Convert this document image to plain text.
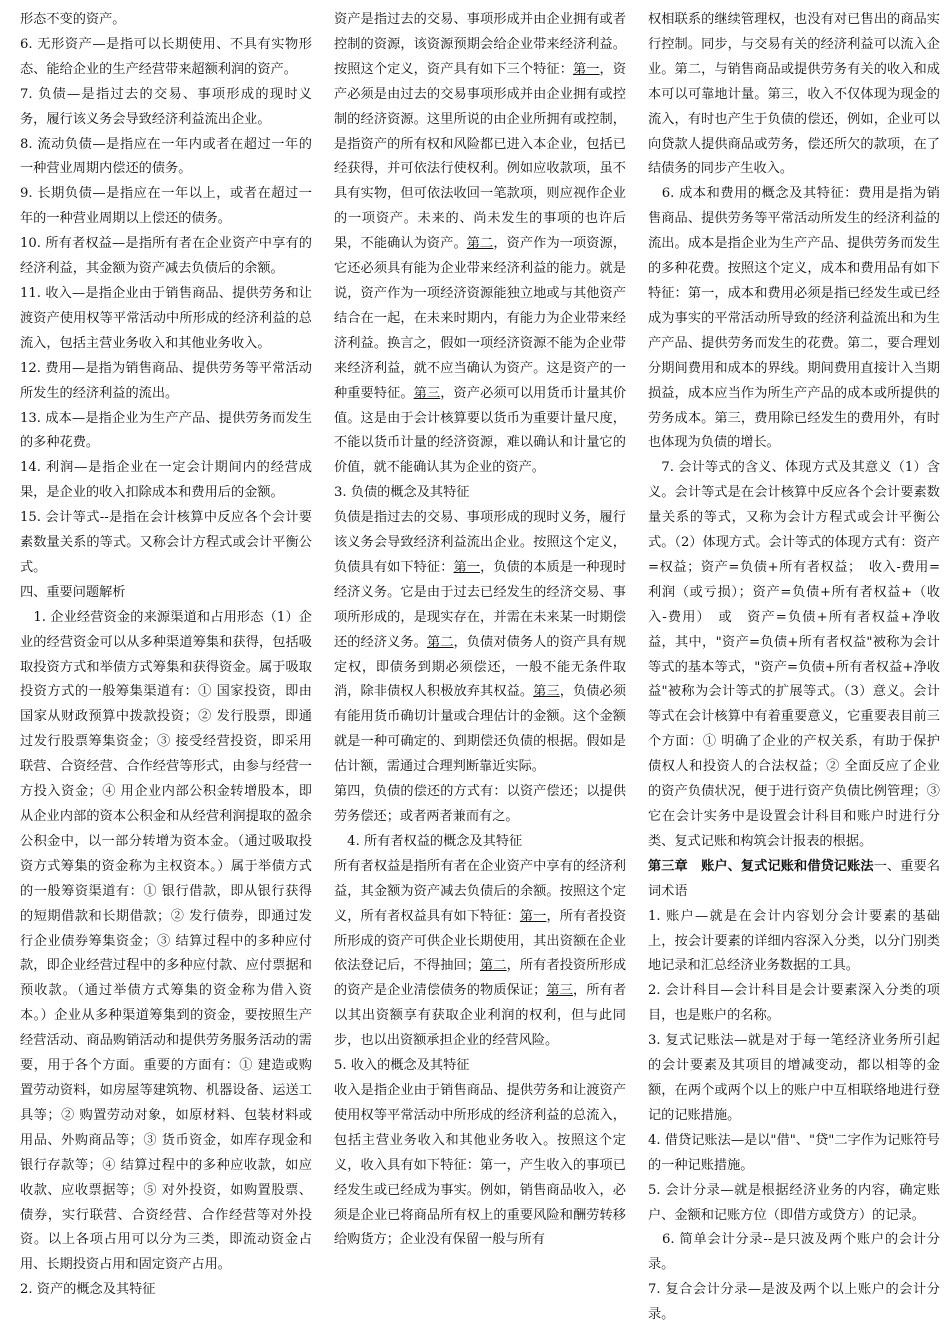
形态不变的资产。
6. 无形资产—是指可以长期使用、不具有实物形态、能给企业的生产经营带来超额利润的资产。
7. 负债—是指过去的交易、事项形成的现时义务，履行该义务会导致经济利益流出企业。
8. 流动负债—是指应在一年内或者在超过一年的一种营业周期内偿还的债务。
9. 长期负债—是指应在一年以上，或者在超过一年的一种营业周期以上偿还的债务。
10. 所有者权益—是指所有者在企业资产中享有的经济利益，其金额为资产减去负债后的余额。
11. 收入—是指企业由于销售商品、提供劳务和让渡资产使用权等平常活动中所形成的经济利益的总流入，包括主营业务收入和其他业务收入。
12. 费用—是指为销售商品、提供劳务等平常活动所发生的经济利益的流出。
13. 成本—是指企业为生产产品、提供劳务而发生的多种花费。
14. 利润—是指企业在一定会计期间内的经营成果，是企业的收入扣除成本和费用后的金额。
15. 会计等式--是指在会计核算中反应各个会计要素数量关系的等式。又称会计方程式或会计平衡公式。
四、重要问题解析
　1. 企业经营资金的来源渠道和占用形态（1）企业的经营资金可以从多种渠道筹集和获得，包括吸取投资方式和举债方式筹集和获得资金。属于吸取投资方式的一般筹集渠道有：① 国家投资，即由国家从财政预算中拨款投资；② 发行股票，即通过发行股票筹集资金；③ 接受经营投资，即采用联营、合资经营、合作经营等形式，由参与经营一方投入资金；④ 用企业内部公积金转增股本，即从企业内部的资本公积金和从经营利润提取的盈余公积金中，以一部分转增为资本金。（通过吸取投资方式筹集的资金称为主权资本。）属于举债方式的一般筹资渠道有：① 银行借款，即从银行获得的短期借款和长期借款；② 发行债券，即通过发行企业债券筹集资金；③ 结算过程中的多种应付款，即企业经营过程中的多种应付款、应付票据和预收款。（通过举债方式筹集的资金称为借入资本。）企业从多种渠道筹集到的资金，要按照生产经营活动、商品购销活动和提供劳务服务活动的需要，用于各个方面。重要的方面有：① 建造或购置劳动资料，如房屋等建筑物、机器设备、运送工具等；② 购置劳动对象，如原材料、包装材料或用品、外购商品等；③ 货币资金，如库存现金和银行存款等；④ 结算过程中的多种应收款，如应收款、应收票据等；⑤ 对外投资，如购置股票、债券，实行联营、合资经营、合作经营等对外投资。以上各项占用可以分为三类，即流动资金占用、长期投资占用和固定资产占用。
2. 资产的概念及其特征
资产是指过去的交易、事项形成并由企业拥有或者控制的资源，该资源预期会给企业带来经济利益。按照这个定义，资产具有如下三个特征：第一，资产必须是由过去的交易事项形成并由企业拥有或控制的经济资源。这里所说的由企业所拥有或控制，是指资产的所有权和风险都已进入本企业，包括已经获得，并可依法行使权利。例如应收款项，虽不具有实物，但可依法收回一笔款项，则应视作企业的一项资产。未来的、尚未发生的事项的也许后果，不能确认为资产。第二，资产作为一项资源，它还必须具有能为企业带来经济利益的能力。就是说，资产作为一项经济资源能独立地或与其他资产结合在一起，在未来时期内，有能力为企业带来经济利益。换言之，假如一项经济资源不能为企业带来经济利益，就不应当确认为资产。这是资产的一种重要特征。第三，资产必须可以用货币计量其价值。这是由于会计核算要以货币为重要计量尺度，不能以货币计量的经济资源，难以确认和计量它的价值，就不能确认其为企业的资产。
3. 负债的概念及其特征
负债是指过去的交易、事项形成的现时义务，履行该义务会导致经济利益流出企业。按照这个定义，负债具有如下特征：第一，负债的本质是一种现时经济义务。它是由于过去已经发生的经济交易、事项所形成的，是现实存在，并需在未来某一时期偿还的经济义务。第二，负债对债务人的资产具有规定权，即债务到期必须偿还，一般不能无条件取消，除非债权人积极放弃其权益。第三，负债必须有能用货币确切计量或合理估计的金额。这个金额就是一种可确定的、到期偿还负债的根据。假如是估计额，需通过合理判断靠近实际。
第四，负债的偿还的方式有：以资产偿还；以提供劳务偿还；或者两者兼而有之。
　4. 所有者权益的概念及其特征
所有者权益是指所有者在企业资产中享有的经济利益，其金额为资产减去负债后的余额。按照这个定义，所有者权益具有如下特征：第一，所有者投资所形成的资产可供企业长期使用，其出资额在企业依法登记后，不得抽回；第二，所有者投资所形成的资产是企业清偿债务的物质保证；第三，所有者以其出资额享有获取企业利润的权利，但与此同步，也以出资额承担企业的经营风险。
5. 收入的概念及其特征
收入是指企业由于销售商品、提供劳务和让渡资产使用权等平常活动中所形成的经济利益的总流入，包括主营业务收入和其他业务收入。按照这个定义，收入具有如下特征：第一，产生收入的事项已经发生或已经成为事实。例如，销售商品收入，必须是企业已将商品所有权上的重要风险和酬劳转移给购货方；企业没有保留一般与所有
权相联系的继续管理权，也没有对已售出的商品实行控制。同步，与交易有关的经济利益可以流入企业。第二，与销售商品或提供劳务有关的收入和成本可以可靠地计量。第三，收入不仅体现为现金的流入，有时也产生于负债的偿还，例如，企业可以向贷款人提供商品或劳务，偿还所欠的款项，在了结债务的同步产生收入。
　6. 成本和费用的概念及其特征：费用是指为销售商品、提供劳务等平常活动所发生的经济利益的流出。成本是指企业为生产产品、提供劳务而发生的多种花费。按照这个定义，成本和费用品有如下特征：第一，成本和费用必须是指已经发生或已经成为事实的平常活动所导致的经济利益流出和为生产产品、提供劳务而发生的花费。第二，要合理划分期间费用和成本的界线。期间费用直接计入当期损益，成本应当作为所生产产品的成本或所提供的劳务成本。第三，费用除已经发生的费用外，有时也体现为负债的增长。
　7. 会计等式的含义、体现方式及其意义（1）含义。会计等式是在会计核算中反应各个会计要素数量关系的等式，又称为会计方程式或会计平衡公式。（2）体现方式。会计等式的体现方式有：资产=权益；资产=负债+所有者权益；　收入-费用=利润（或亏损）；资产=负债+所有者权益+（收入-费用）　或　资产=负债+所有者权益+净收益，其中，"资产=负债+所有者权益"被称为会计等式的基本等式，"资产=负债+所有者权益+净收益"被称为会计等式的扩展等式。（3）意义。会计等式在会计核算中有着重要意义，它重要表目前三个方面：① 明确了企业的产权关系，有助于保护债权人和投资人的合法权益；② 全面反应了企业的资产负债状况，便于进行资产负债比例管理；③ 它在会计实务中是设置会计科目和账户时进行分类、复式记账和构筑会计报表的根据。
第三章　账户、复式记账和借贷记账法一、重要名词术语
1. 账户—就是在会计内容划分会计要素的基础上，按会计要素的详细内容深入分类，以分门别类地记录和汇总经济业务数据的工具。
2. 会计科目—会计科目是会计要素深入分类的项目，也是账户的名称。
3. 复式记账法—就是对于每一笔经济业务所引起的会计要素及其项目的增减变动，都以相等的金额，在两个或两个以上的账户中互相联络地进行登记的记账措施。
4. 借贷记账法—是以"借"、"贷"二字作为记账符号的一种记账措施。
5. 会计分录—就是根据经济业务的内容，确定账户、金额和记账方位（即借方或贷方）的记录。
　6. 简单会计分录--是只波及两个账户的会计分录。
7. 复合会计分录—是波及两个以上账户的会计分录。
